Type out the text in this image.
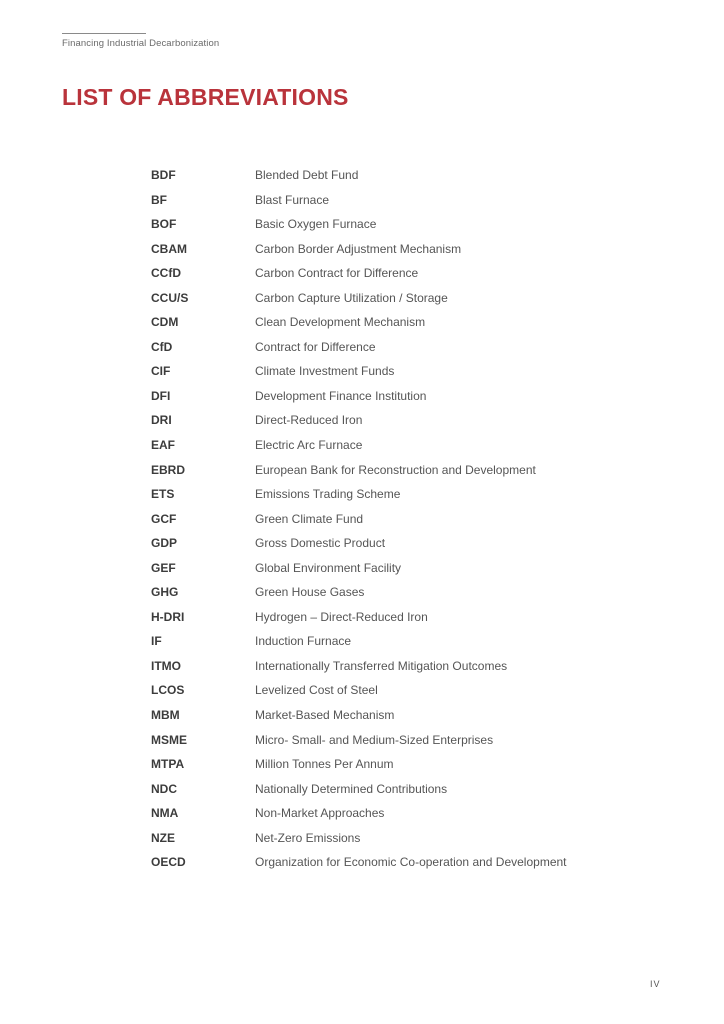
Financing Industrial Decarbonization
LIST OF ABBREVIATIONS
BDF	Blended Debt Fund
BF	Blast Furnace
BOF	Basic Oxygen Furnace
CBAM	Carbon Border Adjustment Mechanism
CCfD	Carbon Contract for Difference
CCU/S	Carbon Capture Utilization / Storage
CDM	Clean Development Mechanism
CfD	Contract for Difference
CIF	Climate Investment Funds
DFI	Development Finance Institution
DRI	Direct-Reduced Iron
EAF	Electric Arc Furnace
EBRD	European Bank for Reconstruction and Development
ETS	Emissions Trading Scheme
GCF	Green Climate Fund
GDP	Gross Domestic Product
GEF	Global Environment Facility
GHG	Green House Gases
H-DRI	Hydrogen – Direct-Reduced Iron
IF	Induction Furnace
ITMO	Internationally Transferred Mitigation Outcomes
LCOS	Levelized Cost of Steel
MBM	Market-Based Mechanism
MSME	Micro- Small- and Medium-Sized Enterprises
MTPA	Million Tonnes Per Annum
NDC	Nationally Determined Contributions
NMA	Non-Market Approaches
NZE	Net-Zero Emissions
OECD	Organization for Economic Co-operation and Development
IV
